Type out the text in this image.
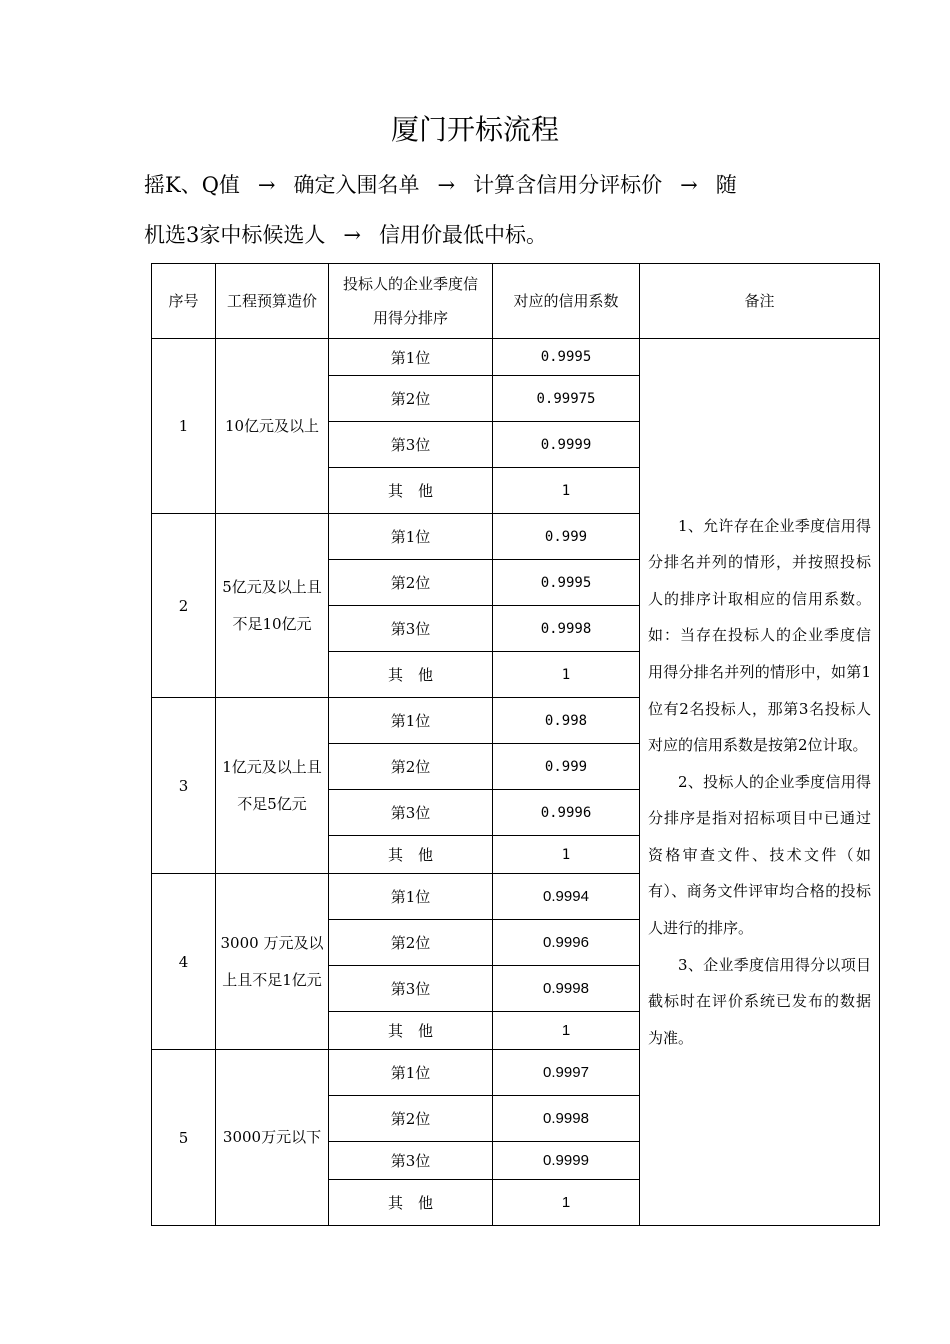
厦门开标流程
摇K、Q值 → 确定入围名单 → 计算含信用分评标价 → 随
机选3家中标候选人 → 信用价最低中标。
序号	工程预算造价	投标人的企业季度信用得分排序	对应的信用系数	备注
1	10亿元及以上	第1位	0.9995	1、允许存在企业季度信用得分排名并列的情形，并按照投标人的排序计取相应的信用系数。如：当存在投标人的企业季度信用得分排名并列的情形中，如第1位有2名投标人，那第3名投标人对应的信用系数是按第2位计取。

2、投标人的企业季度信用得分排序是指对招标项目中已通过资格审查文件、技术文件（如有）、商务文件评审均合格的投标人进行的排序。

3、企业季度信用得分以项目截标时在评价系统已发布的数据为准。

		第2位	0.99975	
		第3位	0.9999	
		其　他	1	
2	5亿元及以上且不足10亿元	第1位	0.999	
		第2位	0.9995	
		第3位	0.9998	
		其　他	1	
3	1亿元及以上且不足5亿元	第1位	0.998	
		第2位	0.999	
		第3位	0.9996	
		其　他	1	
4	3000 万元及以上且不足1亿元	第1位	0.9994	
		第2位	0.9996	
		第3位	0.9998	
		其　他	1	
5	3000万元以下	第1位	0.9997	
		第2位	0.9998	
		第3位	0.9999	
		其　他	1	
